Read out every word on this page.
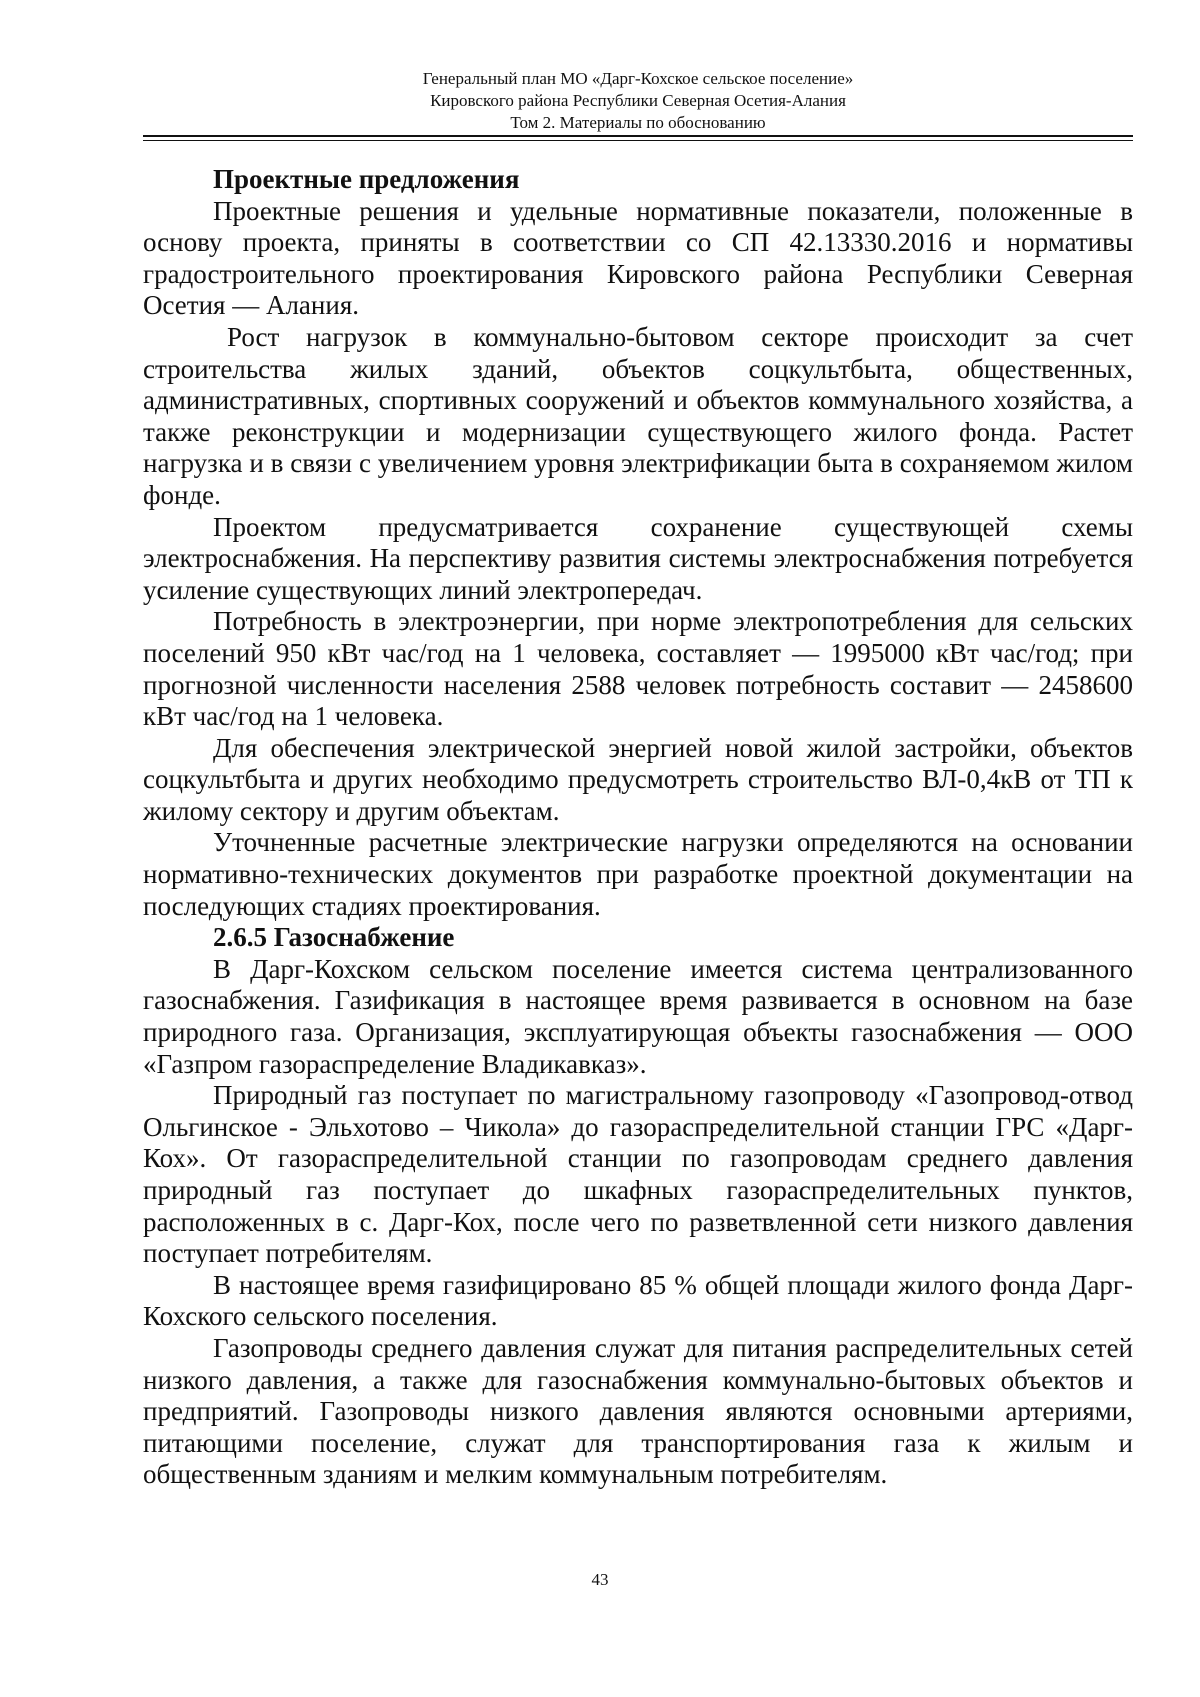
Генеральный план МО «Дарг-Кохское сельское поселение»
Кировского района Республики Северная Осетия-Алания
Том 2. Материалы по обоснованию
Проектные предложения

Проектные решения и удельные нормативные показатели, положенные в основу проекта, приняты в соответствии со СП 42.13330.2016 и нормативы градостроительного проектирования Кировского района Республики Северная Осетия — Алания.

Рост нагрузок в коммунально-бытовом секторе происходит за счет строительства жилых зданий, объектов соцкультбыта, общественных, административных, спортивных сооружений и объектов коммунального хозяйства, а также реконструкции и модернизации существующего жилого фонда. Растет нагрузка и в связи с увеличением уровня электрификации быта в сохраняемом жилом фонде.

Проектом предусматривается сохранение существующей схемы электроснабжения. На перспективу развития системы электроснабжения потребуется усиление существующих линий электропередач.

Потребность в электроэнергии, при норме электропотребления для сельских поселений 950 кВт час/год на 1 человека, составляет — 1995000 кВт час/год; при прогнозной численности населения 2588 человек потребность составит — 2458600 кВт час/год на 1 человека.

Для обеспечения электрической энергией новой жилой застройки, объектов соцкультбыта и других необходимо предусмотреть строительство ВЛ-0,4кВ от ТП к жилому сектору и другим объектам.

Уточненные расчетные электрические нагрузки определяются на основании нормативно-технических документов при разработке проектной документации на последующих стадиях проектирования.

2.6.5 Газоснабжение

В Дарг-Кохском сельском поселение имеется система централизованного газоснабжения. Газификация в настоящее время развивается в основном на базе природного газа. Организация, эксплуатирующая объекты газоснабжения — ООО «Газпром газораспределение Владикавказ».

Природный газ поступает по магистральному газопроводу «Газопровод-отвод Ольгинское - Эльхотово – Чикола» до газораспределительной станции ГРС «Дарг-Кох». От газораспределительной станции по газопроводам среднего давления природный газ поступает до шкафных газораспределительных пунктов, расположенных в с. Дарг-Кох, после чего по разветвленной сети низкого давления поступает потребителям.

В настоящее время газифицировано 85 % общей площади жилого фонда Дарг-Кохского сельского поселения.

Газопроводы среднего давления служат для питания распределительных сетей низкого давления, а также для газоснабжения коммунально-бытовых объектов и предприятий. Газопроводы низкого давления являются основными артериями, питающими поселение, служат для транспортирования газа к жилым и общественным зданиям и мелким коммунальным потребителям.

43
